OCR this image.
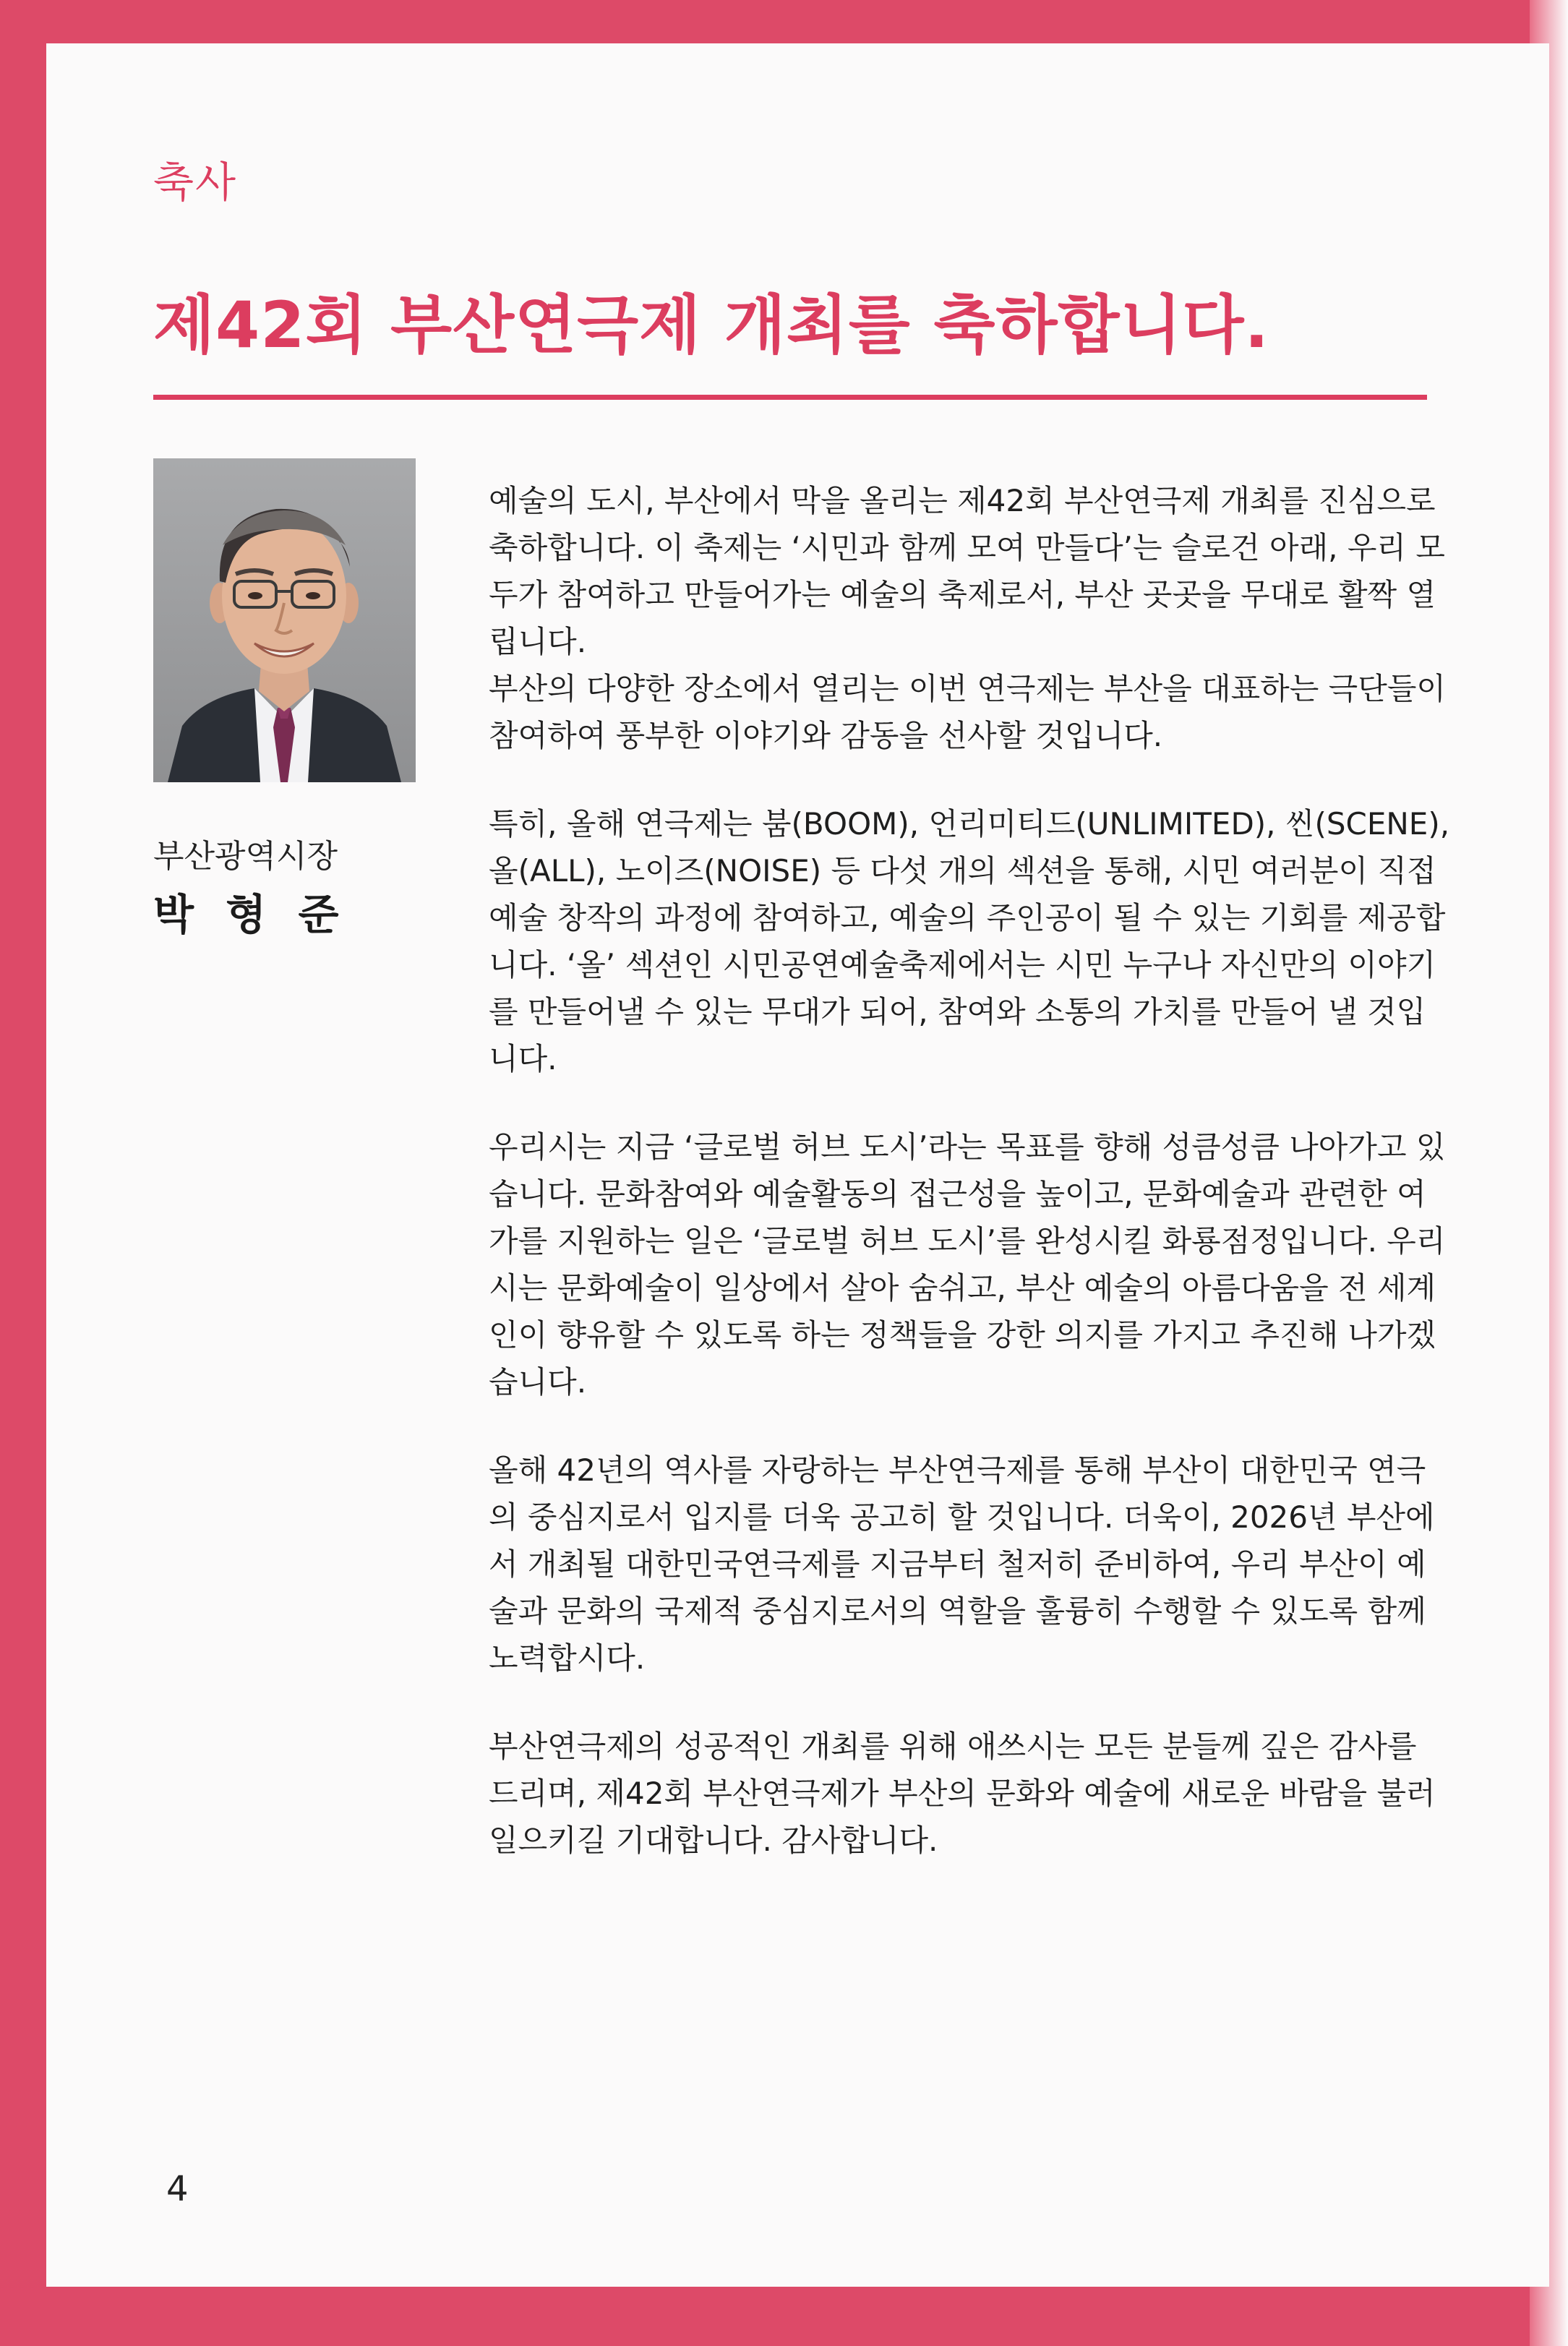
축사
제42회 부산연극제 개최를 축하합니다.
부산광역시장
박 형 준

예술의 도시, 부산에서 막을 올리는 제42회 부산연극제 개최를 진심으로 축하합니다. 이 축제는 ‘시민과 함께 모여 만들다’는 슬로건 아래, 우리 모두가 참여하고 만들어가는 예술의 축제로서, 부산 곳곳을 무대로 활짝 열립니다.

부산의 다양한 장소에서 열리는 이번 연극제는 부산을 대표하는 극단들이 참여하여 풍부한 이야기와 감동을 선사할 것입니다.

특히, 올해 연극제는 붐(BOOM), 언리미티드(UNLIMITED), 씬(SCENE), 올(ALL), 노이즈(NOISE) 등 다섯 개의 섹션을 통해, 시민 여러분이 직접 예술 창작의 과정에 참여하고, 예술의 주인공이 될 수 있는 기회를 제공합니다. ‘올’ 섹션인 시민공연예술축제에서는 시민 누구나 자신만의 이야기를 만들어낼 수 있는 무대가 되어, 참여와 소통의 가치를 만들어 낼 것입니다.

우리시는 지금 ‘글로벌 허브 도시’라는 목표를 향해 성큼성큼 나아가고 있습니다. 문화참여와 예술활동의 접근성을 높이고, 문화예술과 관련한 여가를 지원하는 일은 ‘글로벌 허브 도시’를 완성시킬 화룡점정입니다. 우리시는 문화예술이 일상에서 살아 숨쉬고, 부산 예술의 아름다움을 전 세계인이 향유할 수 있도록 하는 정책들을 강한 의지를 가지고 추진해 나가겠습니다.

올해 42년의 역사를 자랑하는 부산연극제를 통해 부산이 대한민국 연극의 중심지로서 입지를 더욱 공고히 할 것입니다. 더욱이, 2026년 부산에서 개최될 대한민국연극제를 지금부터 철저히 준비하여, 우리 부산이 예술과 문화의 국제적 중심지로서의 역할을 훌륭히 수행할 수 있도록 함께 노력합시다.

부산연극제의 성공적인 개최를 위해 애쓰시는 모든 분들께 깊은 감사를 드리며, 제42회 부산연극제가 부산의 문화와 예술에 새로운 바람을 불러일으키길 기대합니다. 감사합니다.

4
